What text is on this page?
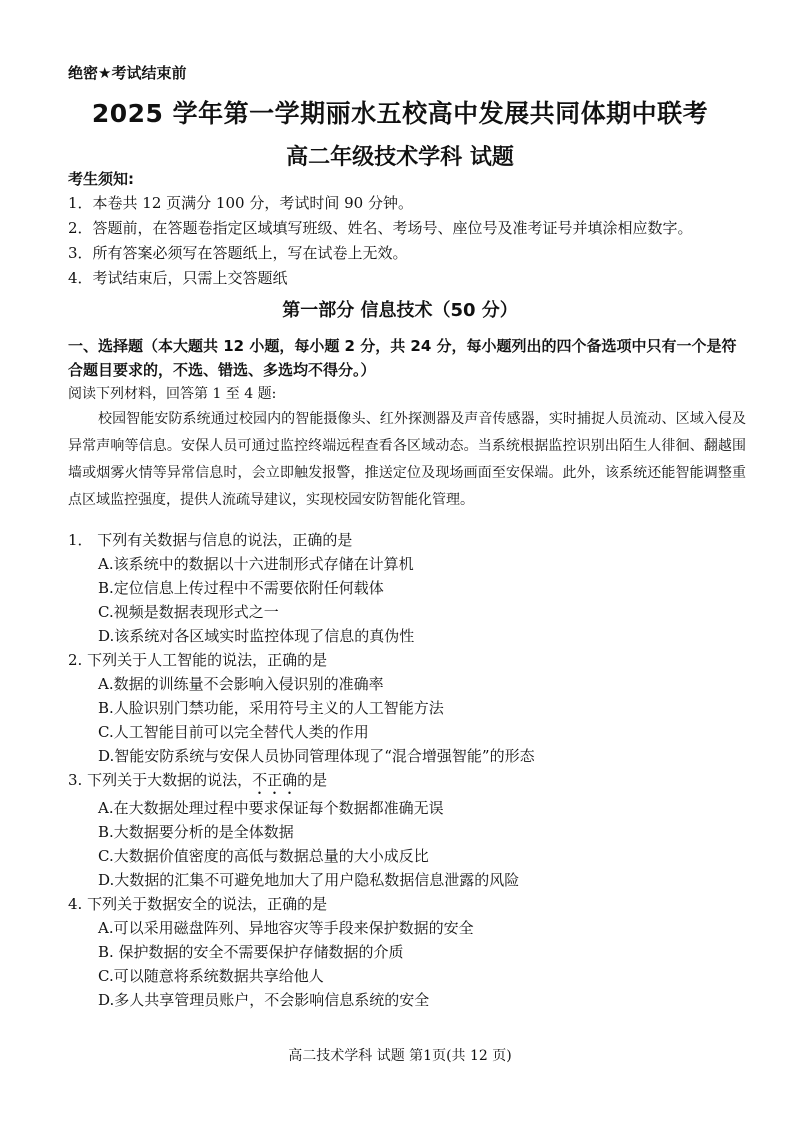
绝密★考试结束前
2025 学年第一学期丽水五校高中发展共同体期中联考
高二年级技术学科 试题
考生须知:
1．本卷共 12 页满分 100 分，考试时间 90 分钟。
2．答题前，在答题卷指定区域填写班级、姓名、考场号、座位号及准考证号并填涂相应数字。
3．所有答案必须写在答题纸上，写在试卷上无效。
4．考试结束后，只需上交答题纸
第一部分 信息技术（50 分）
一、选择题（本大题共 12 小题，每小题 2 分，共 24 分，每小题列出的四个备选项中只有一个是符合题目要求的，不选、错选、多选均不得分。）
阅读下列材料，回答第 1 至 4 题:
校园智能安防系统通过校园内的智能摄像头、红外探测器及声音传感器，实时捕捉人员流动、区域入侵及异常声响等信息。安保人员可通过监控终端远程查看各区域动态。当系统根据监控识别出陌生人徘徊、翻越围墙或烟雾火情等异常信息时，会立即触发报警，推送定位及现场画面至安保端。此外，该系统还能智能调整重点区域监控强度，提供人流疏导建议，实现校园安防智能化管理。
1． 下列有关数据与信息的说法，正确的是
A.该系统中的数据以十六进制形式存储在计算机
B.定位信息上传过程中不需要依附任何载体
C.视频是数据表现形式之一
D.该系统对各区域实时监控体现了信息的真伪性
2. 下列关于人工智能的说法，正确的是
A.数据的训练量不会影响入侵识别的准确率
B.人脸识别门禁功能，采用符号主义的人工智能方法
C.人工智能目前可以完全替代人类的作用
D.智能安防系统与安保人员协同管理体现了“混合增强智能”的形态
3. 下列关于大数据的说法，不正确的是
A.在大数据处理过程中要求保证每个数据都准确无误
B.大数据要分析的是全体数据
C.大数据价值密度的高低与数据总量的大小成反比
D.大数据的汇集不可避免地加大了用户隐私数据信息泄露的风险
4. 下列关于数据安全的说法，正确的是
A.可以采用磁盘阵列、异地容灾等手段来保护数据的安全
B. 保护数据的安全不需要保护存储数据的介质
C.可以随意将系统数据共享给他人
D.多人共享管理员账户，不会影响信息系统的安全
高二技术学科 试题 第1页(共 12 页)
